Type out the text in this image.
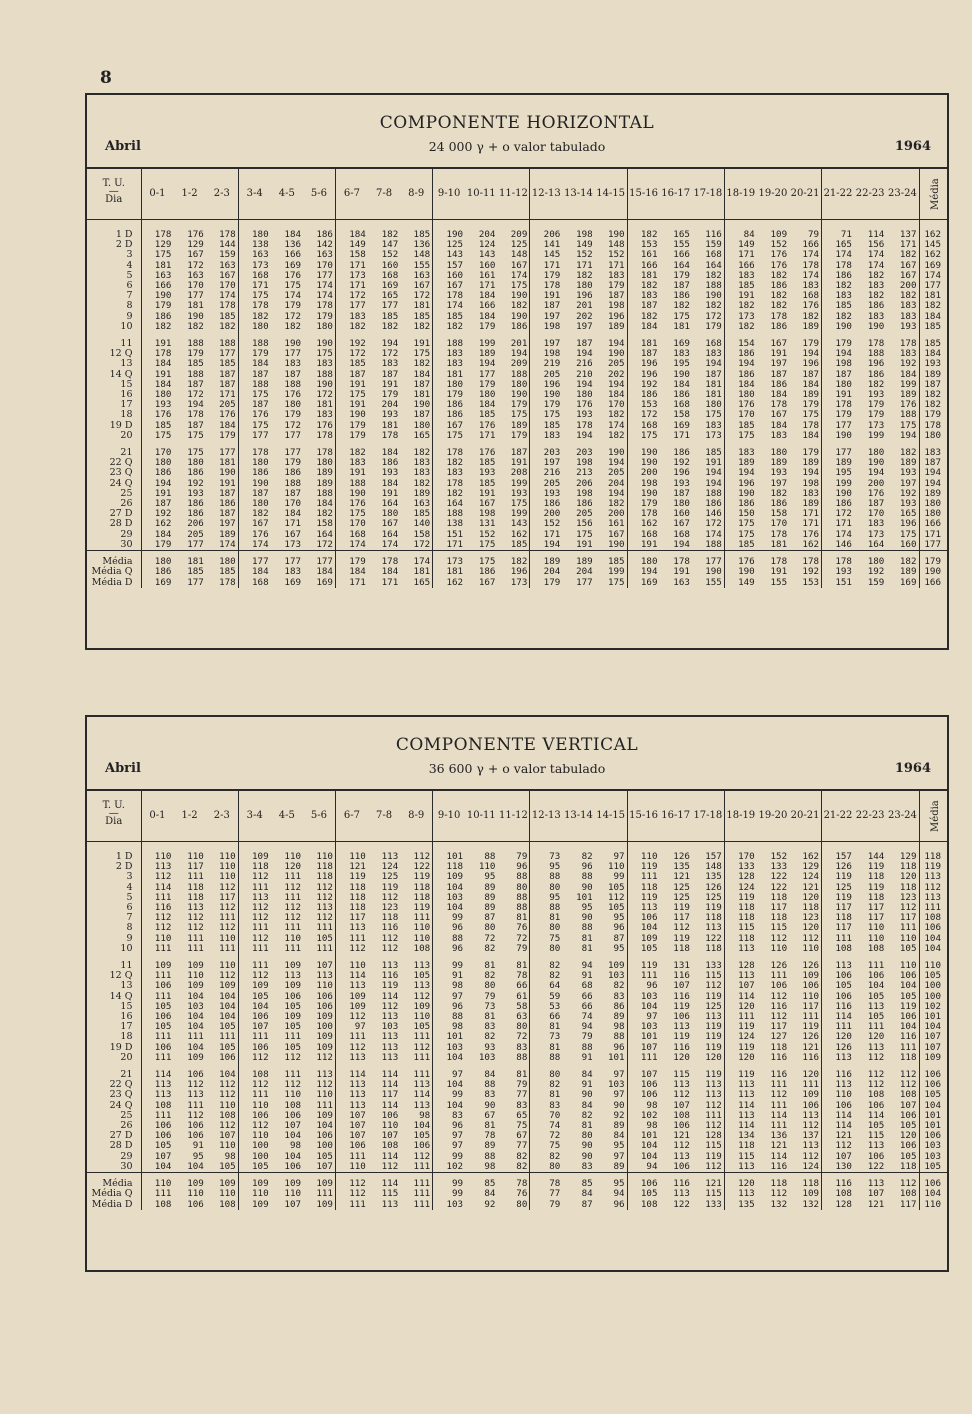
8
COMPONENTE HORIZONTAL
Abril	24 000 γ + o valor tabulado	1964
T. U.
—
Dia	0-1	1-2	2-3	3-4	4-5	5-6	6-7	7-8	8-9	9-10	10-11	11-12	12-13	13-14	14-15	15-16	16-17	17-18	18-19	19-20	20-21	21-22	22-23	23-24	Média
1 D	178	176	178	180	184	186	184	182	185	190	204	209	206	198	190	182	165	116	84	109	79	71	114	137	162
2 D	129	129	144	138	136	142	149	147	136	125	124	125	141	149	148	153	155	159	149	152	166	165	156	171	145
3	175	167	159	163	166	163	158	152	148	143	143	148	145	152	152	161	166	168	171	176	174	174	174	182	162
4	181	172	163	173	169	170	171	160	155	157	160	167	171	171	171	166	164	164	166	176	178	178	174	167	169
5	163	163	167	168	176	177	173	168	163	160	161	174	179	182	183	181	179	182	183	182	174	186	182	167	174
6	166	170	170	171	175	174	171	169	167	167	171	175	178	180	179	182	187	188	185	186	183	182	183	200	177
7	190	177	174	175	174	174	172	165	172	178	184	190	191	196	187	183	186	190	191	182	168	183	182	182	181
8	179	181	178	178	179	178	177	177	181	174	166	182	187	201	198	187	182	182	182	182	176	185	186	183	182
9	186	190	185	182	172	179	183	185	185	185	184	190	197	202	196	182	175	172	173	178	182	182	183	183	184
10	182	182	182	180	182	180	182	182	182	182	179	186	198	197	189	184	181	179	182	186	189	190	190	193	185
11	191	188	188	188	190	190	192	194	191	188	199	201	197	187	194	181	169	168	154	167	179	179	178	178	185
12 Q	178	179	177	179	177	175	172	172	175	183	189	194	198	194	190	187	183	183	186	191	194	194	188	183	184
13	184	185	185	184	183	183	185	183	182	183	194	209	219	216	205	196	195	194	194	197	196	198	196	192	193
14 Q	191	188	187	187	187	188	187	187	184	181	177	188	205	210	202	196	190	187	186	187	187	187	186	184	189
15	184	187	187	188	188	190	191	191	187	180	179	180	196	194	194	192	184	181	184	186	184	180	182	199	187
16	180	172	171	175	176	172	175	179	181	179	180	190	190	180	184	186	186	181	180	184	189	191	193	189	182
17	193	194	205	187	180	181	191	204	190	186	184	179	179	176	170	153	168	180	176	178	179	178	179	176	182
18	176	178	176	176	179	183	190	193	187	186	185	175	175	193	182	172	158	175	170	167	175	179	179	188	179
19 D	185	187	184	175	172	176	179	181	180	167	176	189	185	178	174	168	169	183	185	184	178	177	173	175	178
20	175	175	179	177	177	178	179	178	165	175	171	179	183	194	182	175	171	173	175	183	184	190	199	194	180
21	170	175	177	178	177	178	182	184	182	178	176	187	203	203	190	190	186	185	183	180	179	177	180	182	183
22 Q	180	180	181	180	179	180	183	186	183	182	185	191	197	198	194	190	192	191	189	189	189	189	190	189	187
23 Q	186	186	190	186	186	189	191	193	183	183	193	208	216	213	205	200	196	194	194	193	194	195	194	193	194
24 Q	194	192	191	190	188	189	188	184	182	178	185	199	205	206	204	198	193	194	196	197	198	199	200	197	194
25	191	193	187	187	187	188	190	191	189	182	191	193	193	198	194	190	187	188	190	182	183	190	176	192	189
26	187	186	186	180	170	184	176	164	163	164	167	175	186	186	182	179	180	186	186	186	189	186	187	193	180
27 D	192	186	187	182	184	182	175	180	185	188	198	199	200	205	200	178	160	146	150	158	171	172	170	165	180
28 D	162	206	197	167	171	158	170	167	140	138	131	143	152	156	161	162	167	172	175	170	171	171	183	196	166
29	184	205	189	176	167	164	168	164	158	151	152	162	171	175	167	168	168	174	175	178	176	174	173	175	171
30	179	177	174	174	173	172	174	174	172	171	175	185	194	191	190	191	194	188	185	181	162	146	164	160	177
Média	180	181	180	177	177	177	179	178	174	173	175	182	189	189	185	180	178	177	176	178	178	178	180	182	179
Média Q	186	185	185	184	183	184	184	184	181	181	186	196	204	204	199	194	191	190	190	191	192	193	192	189	190
Média D	169	177	178	168	169	169	171	171	165	162	167	173	179	177	175	169	163	155	149	155	153	151	159	169	166
COMPONENTE VERTICAL
Abril	36 600 γ + o valor tabulado	1964
T. U.
—
Dia	0-1	1-2	2-3	3-4	4-5	5-6	6-7	7-8	8-9	9-10	10-11	11-12	12-13	13-14	14-15	15-16	16-17	17-18	18-19	19-20	20-21	21-22	22-23	23-24	Média
1 D	110	110	110	109	110	110	110	113	112	101	88	79	73	82	97	110	126	157	170	152	162	157	144	129	118
2 D	113	117	110	118	120	118	121	124	122	118	110	96	95	96	110	119	135	148	133	133	129	126	119	118	119
3	112	111	110	112	111	118	119	125	119	109	95	88	88	88	99	111	121	135	128	122	124	119	118	120	113
4	114	118	112	111	112	112	118	119	118	104	89	80	80	90	105	118	125	126	124	122	121	125	119	118	112
5	111	118	117	113	111	112	118	112	118	103	89	88	95	101	112	119	125	125	119	118	120	119	118	123	113
6	116	113	112	112	112	113	118	123	119	104	89	88	88	95	105	113	119	119	118	117	118	117	117	112	111
7	112	112	111	112	112	112	117	118	111	99	87	81	81	90	95	106	117	118	118	118	123	118	117	117	108
8	112	112	112	111	111	111	113	116	110	96	80	76	80	88	96	104	112	113	115	115	120	117	110	111	106
9	110	111	110	112	110	105	111	112	110	88	72	72	75	81	87	109	119	122	118	112	112	111	110	110	104
10	111	111	111	111	111	111	112	112	108	96	82	79	80	81	95	105	118	118	113	110	110	108	108	105	104
11	109	109	110	111	109	107	110	113	113	99	81	81	82	94	109	119	131	133	128	126	126	113	111	110	110
12 Q	111	110	112	112	113	113	114	116	105	91	82	78	82	91	103	111	116	115	113	111	109	106	106	106	105
13	106	109	109	109	109	110	113	119	113	98	80	66	64	68	82	96	107	112	107	106	106	105	104	104	100
14 Q	111	104	104	105	106	106	109	114	112	97	79	61	59	66	83	103	116	119	114	112	110	106	105	105	100
15	105	103	104	104	105	106	109	112	109	96	73	58	53	66	86	104	119	125	120	116	117	116	113	119	102
16	106	104	104	106	109	109	112	113	110	88	81	63	66	74	89	97	106	113	111	112	111	114	105	106	101
17	105	104	105	107	105	100	97	103	105	98	83	80	81	94	98	103	113	119	119	117	119	111	111	104	104
18	111	111	111	111	111	109	111	113	111	101	82	72	73	79	88	101	119	119	124	127	126	120	120	116	107
19 D	106	104	105	106	105	109	112	113	112	103	93	83	81	88	96	107	116	119	119	118	121	126	113	111	107
20	111	109	106	112	112	112	113	113	111	104	103	88	88	91	101	111	120	120	120	116	116	113	112	118	109
21	114	106	104	108	111	113	114	114	111	97	84	81	80	84	97	107	115	119	119	116	120	116	112	112	106
22 Q	113	112	112	112	112	112	113	114	113	104	88	79	82	91	103	106	113	113	113	111	111	113	112	112	106
23 Q	113	113	112	111	110	110	113	117	114	99	83	77	81	90	97	106	112	113	113	112	109	110	108	108	105
24 Q	108	111	110	110	108	111	113	114	113	104	90	83	83	84	90	98	107	112	114	111	106	106	106	107	104
25	111	112	108	106	106	109	107	106	98	83	67	65	70	82	92	102	108	111	113	114	113	114	114	106	101
26	106	106	112	112	107	104	107	110	104	96	81	75	74	81	89	98	106	112	114	111	112	114	105	105	101
27 D	106	106	107	110	104	106	107	107	105	97	78	67	72	80	84	101	121	128	134	136	137	121	115	120	106
28 D	105	91	110	100	98	100	106	108	106	97	89	77	75	90	95	104	112	115	118	121	113	112	113	106	103
29	107	95	98	100	104	105	111	114	112	99	88	82	82	90	97	104	113	119	115	114	112	107	106	105	103
30	104	104	105	105	106	107	110	112	111	102	98	82	80	83	89	94	106	112	113	116	124	130	122	118	105
Média	110	109	109	109	109	109	112	114	111	99	85	78	78	85	95	106	116	121	120	118	118	116	113	112	106
Média Q	111	110	110	110	110	111	112	115	111	99	84	76	77	84	94	105	113	115	113	112	109	108	107	108	104
Média D	108	106	108	109	107	109	111	113	111	103	92	80	79	87	96	108	122	133	135	132	132	128	121	117	110
